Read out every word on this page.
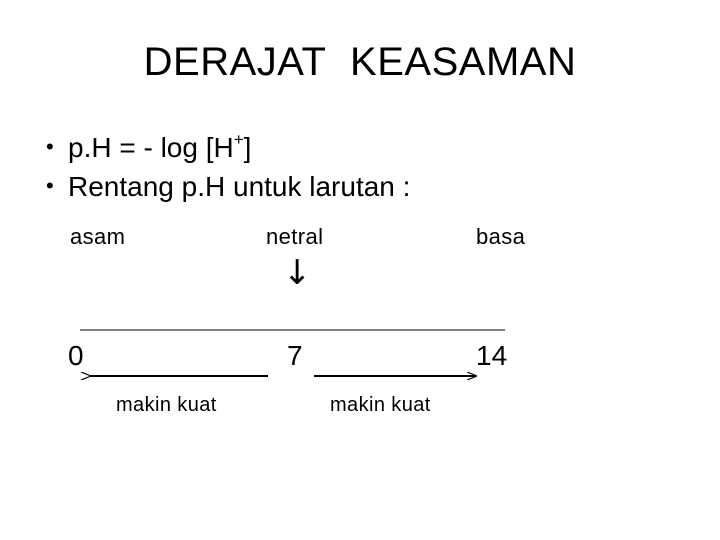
DERAJAT KEASAMAN
• p.H = - log [H+]
• Rentang p.H untuk larutan :
asam	netral	basa
↓
0	7	14
makin kuat	makin kuat
